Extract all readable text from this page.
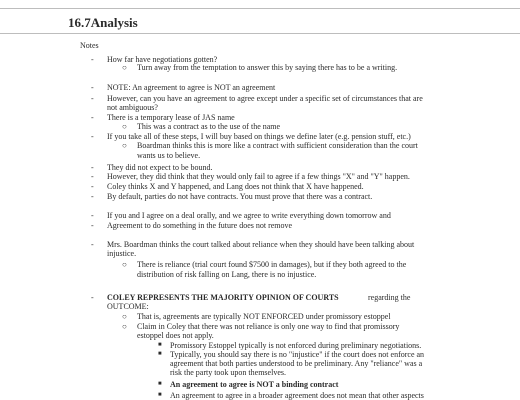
16.7Analysis
Notes
- How far have negotiations gotten?
○ Turn away from the temptation to answer this by saying there has to be a writing.
- NOTE: An agreement to agree is NOT an agreement
- However, can you have an agreement to agree except under a specific set of circumstances that are
not ambiguous?
- There is a temporary lease of JAS name
○ This was a contract as to the use of the name
- If you take all of these steps, I will buy based on things we define later (e.g. pension stuff, etc.)
○ Boardman thinks this is more like a contract with sufficient consideration than the court
wants us to believe.
- They did not expect to be bound.
- However, they did think that they would only fail to agree if a few things "X" and "Y" happen.
- Coley thinks X and Y happened, and Lang does not think that X have happened.
- By default, parties do not have contracts. You must prove that there was a contract.
- If you and I agree on a deal orally, and we agree to write everything down tomorrow and
- Agreement to do something in the future does not remove
- Mrs. Boardman thinks the court talked about reliance when they should have been talking about
injustice.
○ There is reliance (trial court found $7500 in damages), but if they both agreed to the
distribution of risk falling on Lang, there is no injustice.
- COLEY REPRESENTS THE MAJORITY OPINION OF COURTS	regarding the
OUTCOME:
○ That is, agreements are typically NOT ENFORCED under promissory estoppel
○ Claim in Coley that there was not reliance is only one way to find that promissory
estoppel does not apply.
■ Promissory Estoppel typically is not enforced during preliminary negotiations.
■ Typically, you should say there is no "injustice" if the court does not enforce an
agreement that both parties understood to be preliminary. Any "reliance" was a
risk the party took upon themselves.
■ An agreement to agree is NOT a binding contract
■ An agreement to agree in a broader agreement does not mean that other aspects
